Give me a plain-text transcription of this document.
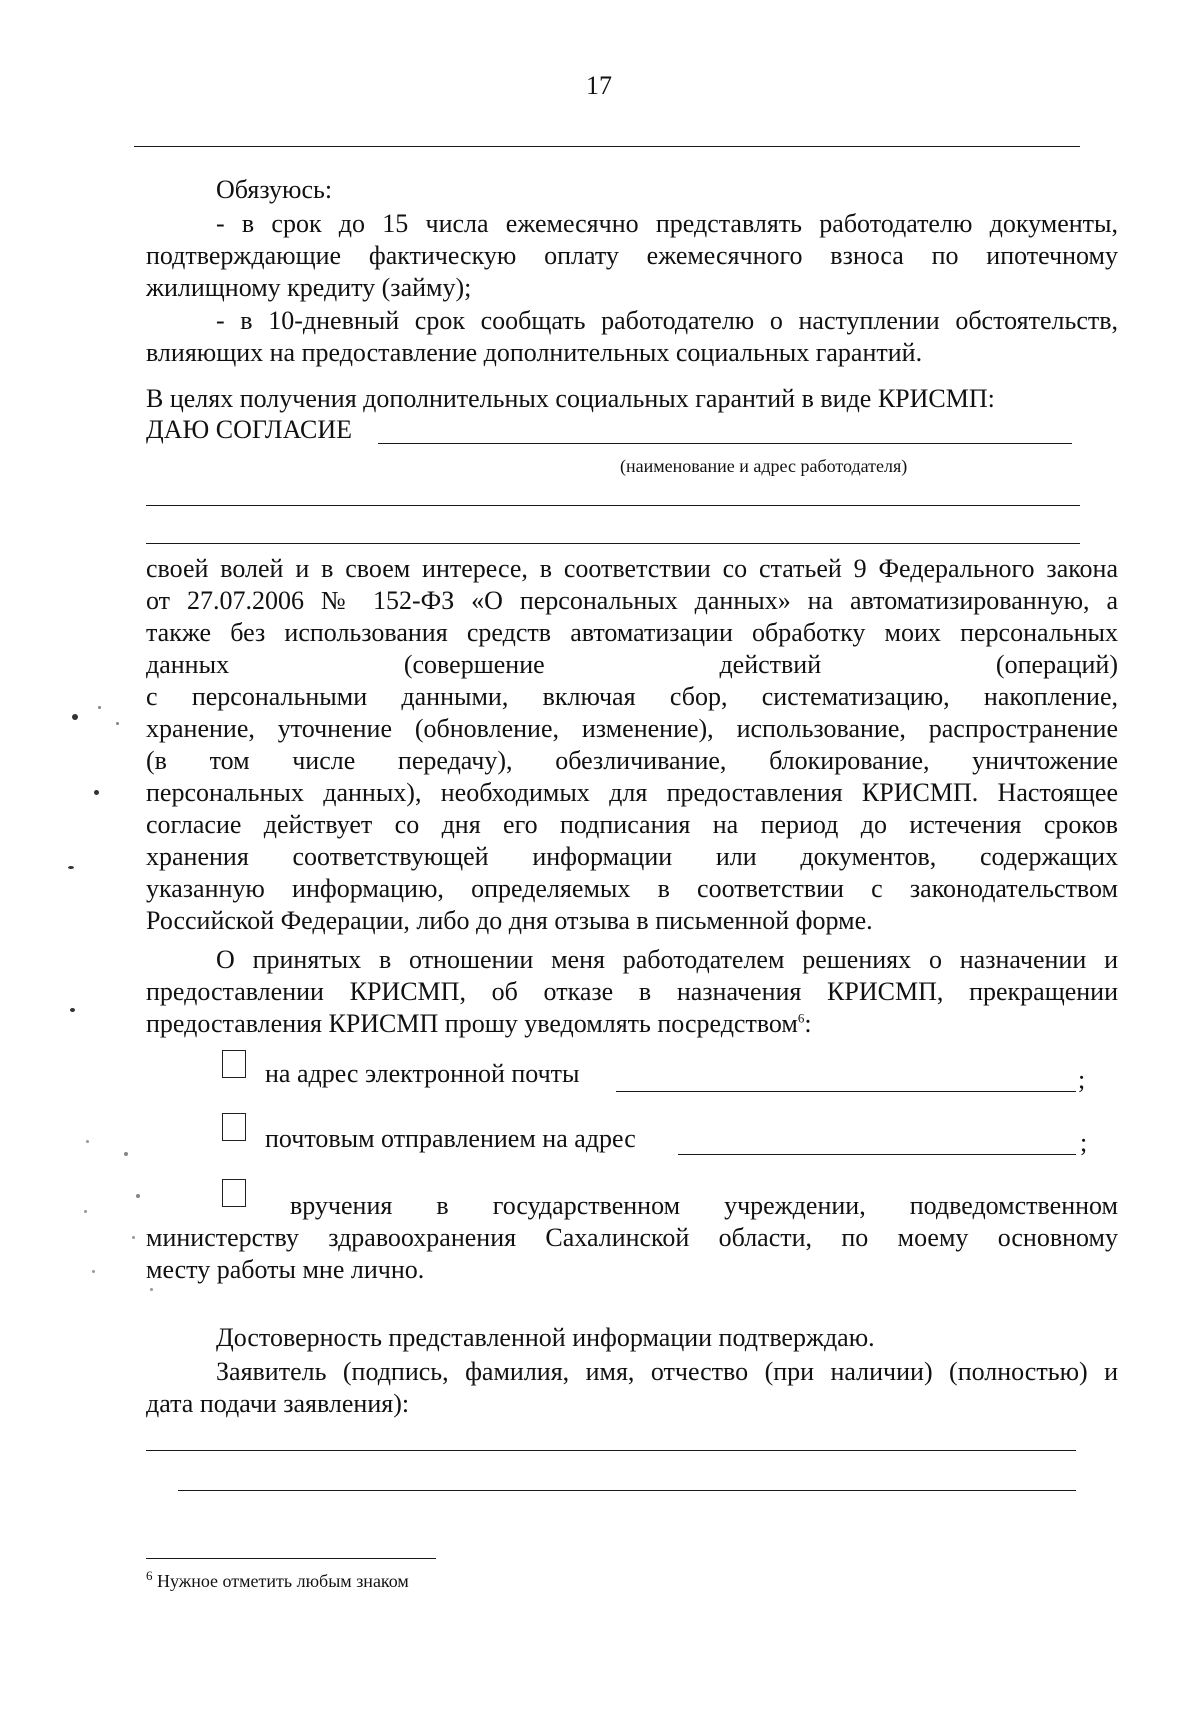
17
Обязуюсь:
- в срок до 15 числа ежемесячно представлять работодателю документы,
подтверждающие фактическую оплату ежемесячного взноса по ипотечному
жилищному кредиту (займу);
- в 10-дневный срок сообщать работодателю о наступлении обстоятельств,
влияющих на предоставление дополнительных социальных гарантий.
В целях получения дополнительных социальных гарантий в виде КРИСМП:
ДАЮ СОГЛАСИЕ
(наименование и адрес работодателя)
своей волей и в своем интересе, в соответствии со статьей 9 Федерального закона
от 27.07.2006 № 152-ФЗ «О персональных данных» на автоматизированную, а
также без использования средств автоматизации обработку моих персональных
данных (совершение действий (операций)
с персональными данными, включая сбор, систематизацию, накопление,
хранение, уточнение (обновление, изменение), использование, распространение
(в том числе передачу), обезличивание, блокирование, уничтожение
персональных данных), необходимых для предоставления КРИСМП. Настоящее
согласие действует со дня его подписания на период до истечения сроков
хранения соответствующей информации или документов, содержащих
указанную информацию, определяемых в соответствии с законодательством
Российской Федерации, либо до дня отзыва в письменной форме.
О принятых в отношении меня работодателем решениях о назначении и
предоставлении КРИСМП, об отказе в назначения КРИСМП, прекращении
предоставления КРИСМП прошу уведомлять посредством$^6$:
на адрес электронной почты	;
почтовым отправлением на адрес	;
вручения в государственном учреждении, подведомственном
министерству здравоохранения Сахалинской области, по моему основному
месту работы мне лично.
Достоверность представленной информации подтверждаю.
Заявитель (подпись, фамилия, имя, отчество (при наличии) (полностью) и
дата подачи заявления):
$^6$ Нужное отметить любым знаком
